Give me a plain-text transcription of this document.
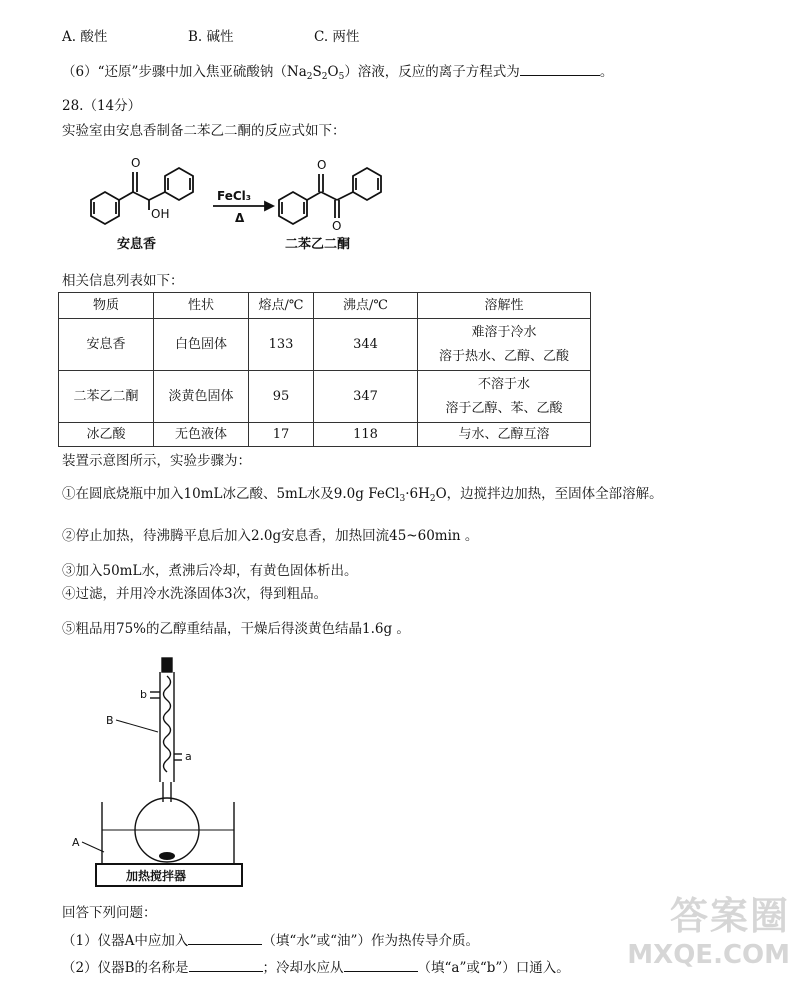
A. 酸性	B. 碱性	C. 两性
（6）“还原”步骤中加入焦亚硫酸钠$(Na_2S_2O_5)$溶液，反应的离子方程式为	。
28.（14分）
实验室由安息香制备二苯乙二酮的反应式如下：
O
OH
O
O
FeCl₃
Δ
安息香	二苯乙二酮
相关信息列表如下：
物质	性状	熔点/℃	沸点/℃	溶解性
安息香	白色固体	133	344	难溶于冷水
溶于热水、乙醇、乙酸

二苯乙二酮	淡黄色固体	95	347	不溶于水
溶于乙醇、苯、乙酸

冰乙酸	无色液体	17	118	与水、乙醇互溶
装置示意图所示，实验步骤为：
①在圆底烧瓶中加入10mL冰乙酸、5mL水及9.0g $FeCl_3\cdot 6H_2O$，边搅拌边加热，至固体全部溶解。
②停止加热，待沸腾平息后加入2.0g安息香，加热回流45~60min 。
③加入50mL水，煮沸后冷却，有黄色固体析出。
④过滤，并用冷水洗涤固体3次，得到粗品。
⑤粗品用75%的乙醇重结晶，干燥后得淡黄色结晶1.6g 。
b
a
B
A
加热搅拌器
回答下列问题：
（1）仪器A中应加入	（填“水”或“油”）作为热传导介质。
（2）仪器B的名称是	；冷却水应从	（填“a”或“b”）口通入。
答案圈
MXQE.COM
